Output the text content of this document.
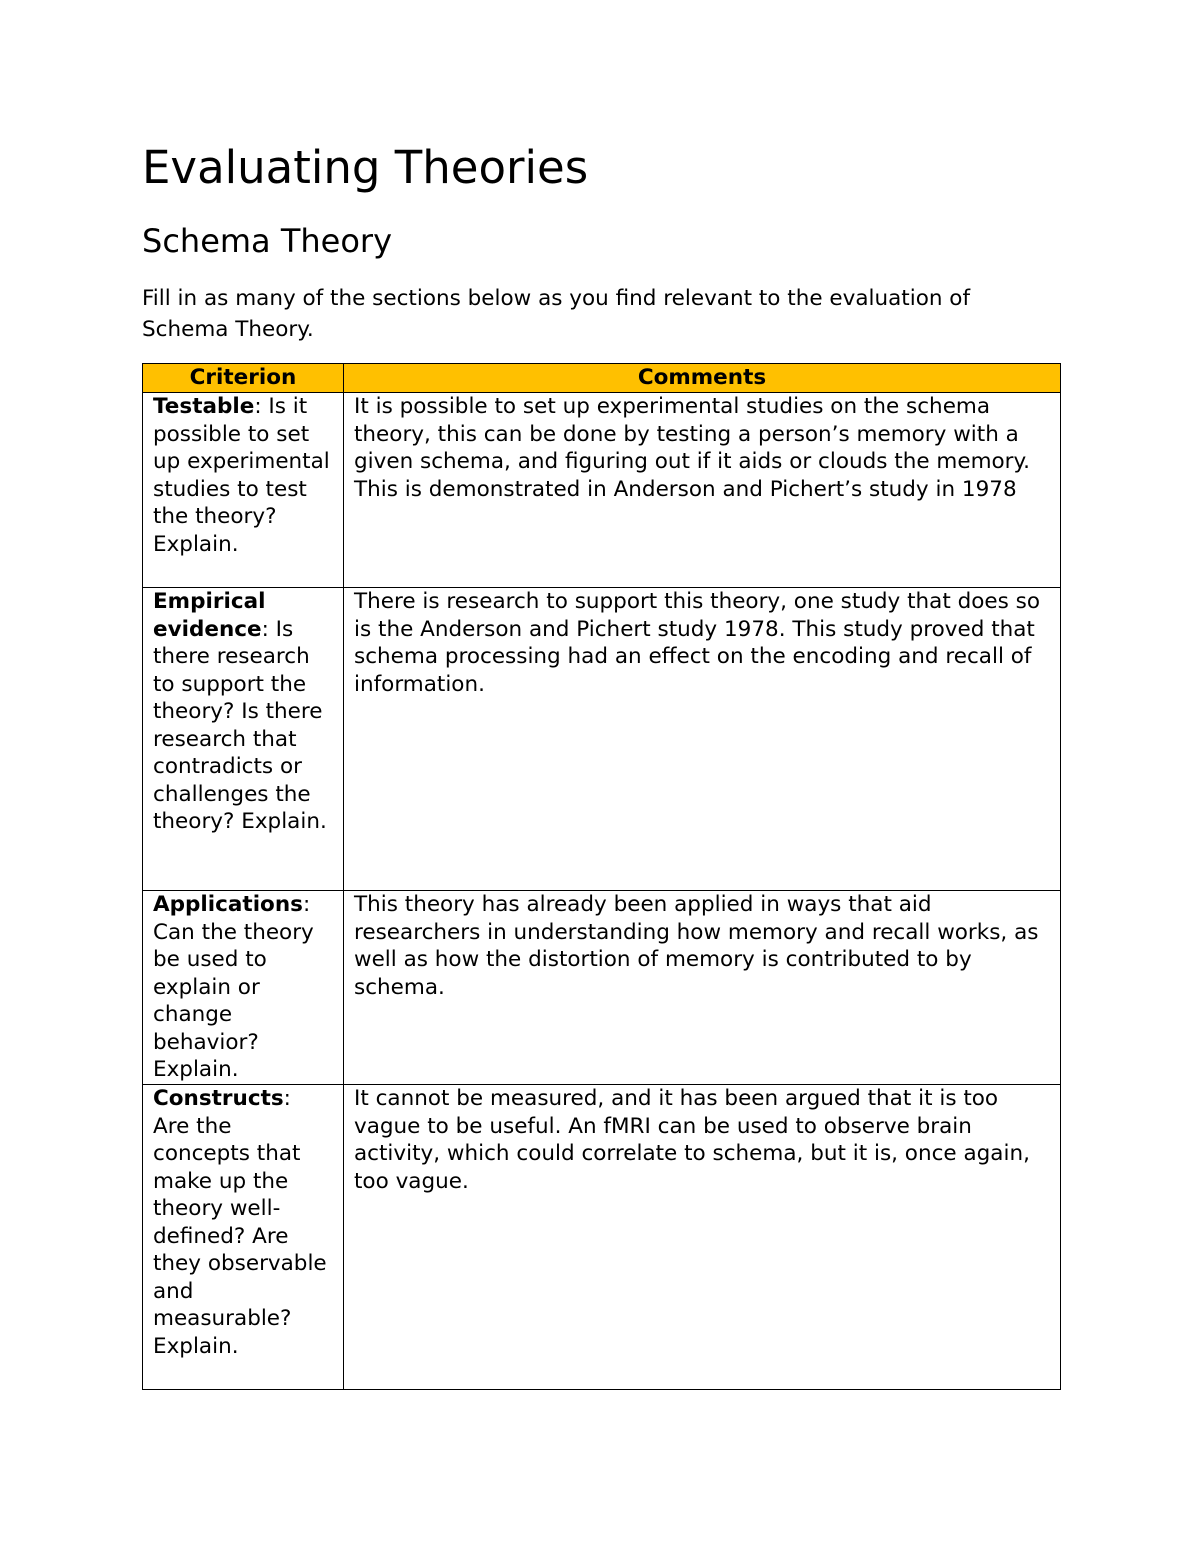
Evaluating Theories
Schema Theory

Fill in as many of the sections below as you find relevant to the evaluation of Schema Theory.

Criterion	Comments
Testable: Is it possible to set up experimental studies to test the theory? Explain.	It is possible to set up experimental studies on the schema theory, this can be done by testing a person’s memory with a given schema, and figuring out if it aids or clouds the memory. This is demonstrated in Anderson and Pichert’s study in 1978
Empirical evidence: Is there research to support the theory? Is there research that contradicts or challenges the theory? Explain.	There is research to support this theory, one study that does so is the Anderson and Pichert study 1978. This study proved that schema processing had an effect on the encoding and recall of information.
Applications: Can the theory be used to explain or change behavior? Explain.	This theory has already been applied in ways that aid researchers in understanding how memory and recall works, as well as how the distortion of memory is contributed to by schema.
Constructs: Are the concepts that make up the theory well-defined? Are they observable and measurable? Explain.	It cannot be measured, and it has been argued that it is too vague to be useful. An fMRI can be used to observe brain activity, which could correlate to schema, but it is, once again, too vague.
